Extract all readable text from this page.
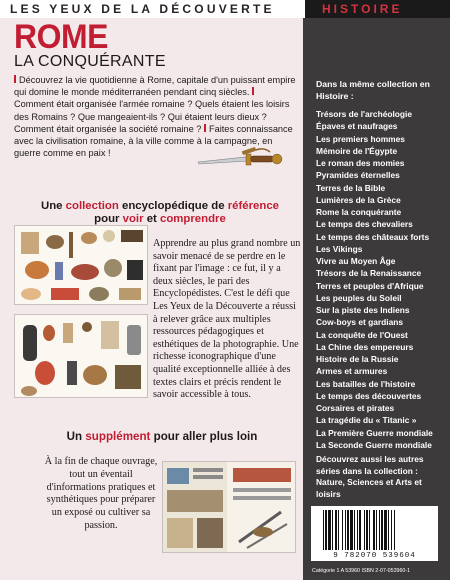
LES YEUX DE LA DÉCOUVERTE	HISTOIRE
ROME
LA CONQUÉRANTE
Découvrez la vie quotidienne à Rome, capitale d'un puissant empire qui domine le monde méditerranéen pendant cinq siècles. Comment était organisée l'armée romaine ? Quels étaient les loisirs des Romains ? Que mangeaient-ils ? Qui étaient leurs dieux ? Comment était organisée la société romaine ? Faites connaissance avec la civilisation romaine, à la ville comme à la campagne, en guerre comme en paix !
Une collection encyclopédique de référence
pour voir et comprendre
Apprendre au plus grand nombre un savoir menacé de se perdre en le fixant par l'image : ce fut, il y a deux siècles, le pari des Encyclopédistes. C'est le défi que Les Yeux de la Découverte a réussi à relever grâce aux multiples ressources pédagogiques et esthétiques de la photographie. Une richesse iconographique d'une qualité exceptionnelle alliée à des textes clairs et précis rendent le savoir accessible à tous.
Un supplément pour aller plus loin
À la fin de chaque ouvrage, tout un éventail d'informations pratiques et synthétiques pour préparer un exposé ou cultiver sa passion.
Dans la même collection en Histoire :
Trésors de l'archéologie
Épaves et naufrages
Les premiers hommes
Mémoire de l'Égypte
Le roman des momies
Pyramides éternelles
Terres de la Bible
Lumières de la Grèce
Rome la conquérante
Le temps des chevaliers
Le temps des châteaux forts
Les Vikings
Vivre au Moyen Âge
Trésors de la Renaissance
Terres et peuples d'Afrique
Les peuples du Soleil
Sur la piste des Indiens
Cow-boys et gardians
La conquête de l'Ouest
La Chine des empereurs
Histoire de la Russie
Armes et armures
Les batailles de l'histoire
Le temps des découvertes
Corsaires et pirates
La tragédie du « Titanic »
La Première Guerre mondiale
La Seconde Guerre mondiale
Découvrez aussi les autres séries dans la collection : Nature, Sciences et Arts et loisirs
9 782070 539604
Catégorie 1 A 53960 ISBN 2-07-053960-1
